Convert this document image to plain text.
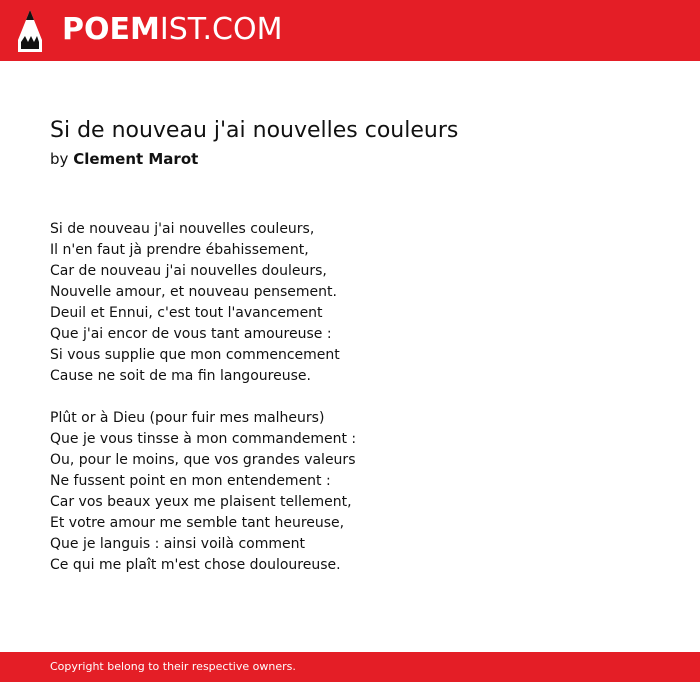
POEMIST.COM
Si de nouveau j'ai nouvelles couleurs
by Clement Marot
Si de nouveau j'ai nouvelles couleurs,
Il n'en faut jà prendre ébahissement,
Car de nouveau j'ai nouvelles douleurs,
Nouvelle amour, et nouveau pensement.
Deuil et Ennui, c'est tout l'avancement
Que j'ai encor de vous tant amoureuse :
Si vous supplie que mon commencement
Cause ne soit de ma fin langoureuse.
Plût or à Dieu (pour fuir mes malheurs)
Que je vous tinsse à mon commandement :
Ou, pour le moins, que vos grandes valeurs
Ne fussent point en mon entendement :
Car vos beaux yeux me plaisent tellement,
Et votre amour me semble tant heureuse,
Que je languis : ainsi voilà comment
Ce qui me plaît m'est chose douloureuse.
Copyright belong to their respective owners.
